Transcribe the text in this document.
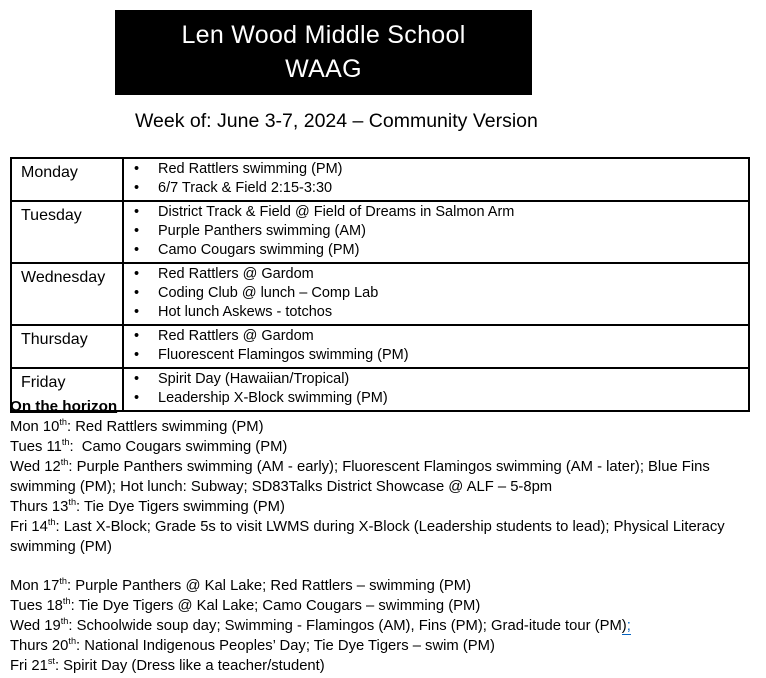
Len Wood Middle School
WAAG
Week of: June 3-7, 2024 – Community Version
Monday	• Red Rattlers swimming (PM)
• 6/7 Track & Field 2:15-3:30

Tuesday	•	District Track & Field @ Field of Dreams in Salmon Arm
•	Purple Panthers swimming (AM)
•	Camo Cougars swimming (PM)

Wednesday	•	Red Rattlers @ Gardom
•	Coding Club @ lunch – Comp Lab
•	Hot lunch Askews - totchos

Thursday	• Red Rattlers @ Gardom
• Fluorescent Flamingos swimming (PM)

Friday	• Spirit Day (Hawaiian/Tropical)
• Leadership X-Block swimming (PM)

On the horizon

Mon 10th: Red Rattlers swimming (PM)

Tues 11th:  Camo Cougars swimming (PM)

Wed 12th: Purple Panthers swimming (AM - early); Fluorescent Flamingos swimming (AM - later); Blue Fins swimming (PM); Hot lunch: Subway; SD83Talks District Showcase @ ALF – 5-8pm

Thurs 13th: Tie Dye Tigers swimming (PM)

Fri 14th: Last X-Block; Grade 5s to visit LWMS during X-Block (Leadership students to lead); Physical Literacy swimming (PM)

Mon 17th: Purple Panthers @ Kal Lake; Red Rattlers – swimming (PM)

Tues 18th: Tie Dye Tigers @ Kal Lake; Camo Cougars – swimming (PM)

Wed 19th: Schoolwide soup day; Swimming - Flamingos (AM), Fins (PM); Grad-itude tour (PM);

Thurs 20th: National Indigenous Peoples’ Day; Tie Dye Tigers – swim (PM)

Fri 21st: Spirit Day (Dress like a teacher/student)
